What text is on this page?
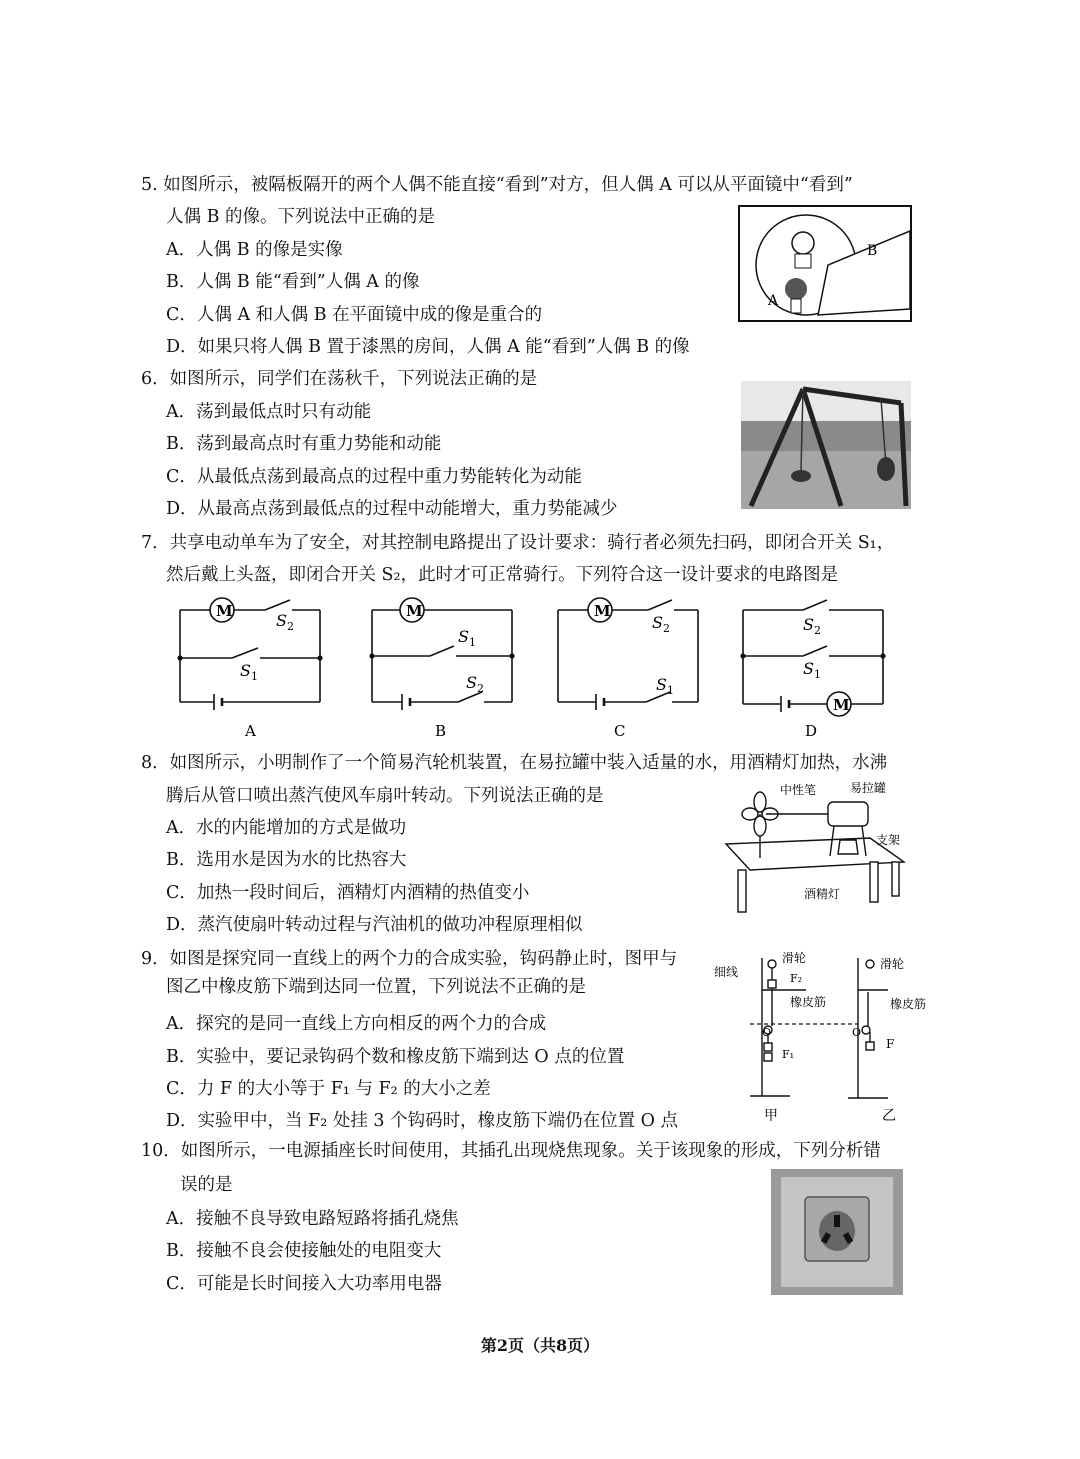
5. 如图所示，被隔板隔开的两个人偶不能直接“看到”对方，但人偶 A 可以从平面镜中“看到”
人偶 B 的像。下列说法中正确的是
A．人偶 B 的像是实像
B．人偶 B 能“看到”人偶 A 的像
C．人偶 A 和人偶 B 在平面镜中成的像是重合的
D．如果只将人偶 B 置于漆黑的房间，人偶 A 能“看到”人偶 B 的像
B
A
6．如图所示，同学们在荡秋千，下列说法正确的是
A．荡到最低点时只有动能
B．荡到最高点时有重力势能和动能
C．从最低点荡到最高点的过程中重力势能转化为动能
D．从最高点荡到最低点的过程中动能增大，重力势能减少
7．共享电动单车为了安全，对其控制电路提出了设计要求：骑行者必须先扫码，即闭合开关 S₁，
然后戴上头盔，即闭合开关 S₂，此时才可正常骑行。下列符合这一设计要求的电路图是
M	S 2
S 1
A
M
S 1
S 2
B
M
S 2
S 1
C
S 2
S 1
M
D
8．如图所示，小明制作了一个简易汽轮机装置，在易拉罐中装入适量的水，用酒精灯加热，水沸
腾后从管口喷出蒸汽使风车扇叶转动。下列说法正确的是
A．水的内能增加的方式是做功
B．选用水是因为水的比热容大
C．加热一段时间后，酒精灯内酒精的热值变小
D．蒸汽使扇叶转动过程与汽油机的做功冲程原理相似
中性笔	易拉罐
支架
酒精灯
9．如图是探究同一直线上的两个力的合成实验，钩码静止时，图甲与
图乙中橡皮筋下端到达同一位置，下列说法不正确的是
A．探究的是同一直线上方向相反的两个力的合成
B．实验中，要记录钩码个数和橡皮筋下端到达 O 点的位置
C．力 F 的大小等于 F₁ 与 F₂ 的大小之差
D．实验甲中，当 F₂ 处挂 3 个钩码时，橡皮筋下端仍在位置 O 点
细线
滑轮
F₂
橡皮筋
O
F₁
甲
滑轮
橡皮筋
O
F
乙
10．如图所示，一电源插座长时间使用，其插孔出现烧焦现象。关于该现象的形成，下列分析错
误的是
A．接触不良导致电路短路将插孔烧焦
B．接触不良会使接触处的电阻变大
C．可能是长时间接入大功率用电器
第2页（共8页）
